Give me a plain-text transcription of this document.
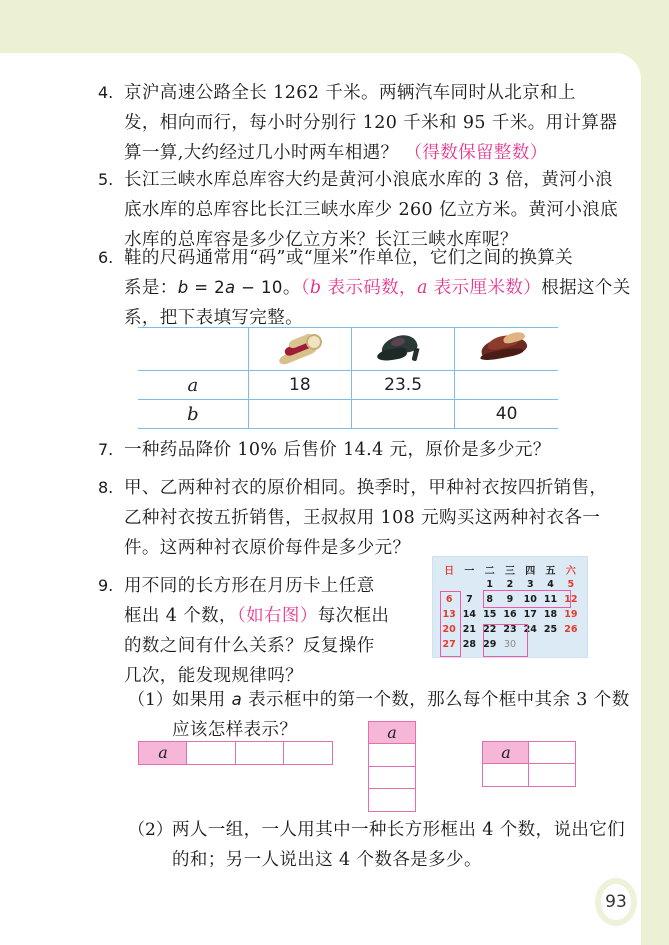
4. 京沪高速公路全长 1262 千米。两辆汽车同时从北京和上
发，相向而行，每小时分别行 120 千米和 95 千米。用计算器
算一算,大约经过几小时两车相遇？ （得数保留整数）
5. 长江三峡水库总库容大约是黄河小浪底水库的 3 倍，黄河小浪
底水库的总库容比长江三峡水库少 260 亿立方米。黄河小浪底
水库的总库容是多少亿立方米？长江三峡水库呢？
6. 鞋的尺码通常用“码”或“厘米”作单位，它们之间的换算关
系是：b = 2a − 10。（b 表示码数，a 表示厘米数）根据这个关
系，把下表填写完整。

a	18	23.5	
b			40
7. 一种药品降价 10% 后售价 14.4 元，原价是多少元？
8. 甲、乙两种衬衣的原价相同。换季时，甲种衬衣按四折销售，
乙种衬衣按五折销售，王叔叔用 108 元购买这两种衬衣各一
件。这两种衬衣原价每件是多少元？
9. 用不同的长方形在月历卡上任意
框出 4 个数，（如右图）每次框出
的数之间有什么关系？反复操作
几次，能发现规律吗？
日	一	二	三	四	五	六
		1	2	3	4	5
6	7	8	9	10	11	12
13	14	15	16	17	18	19
20	21	22	23	24	25	26
27	28	29	30			
（1） 如果用 a 表示框中的第一个数，那么每个框中其余 3 个数
应该怎样表示？
a
a
a
（2） 两人一组，一人用其中一种长方形框出 4 个数，说出它们
的和；另一人说出这 4 个数各是多少。
93
